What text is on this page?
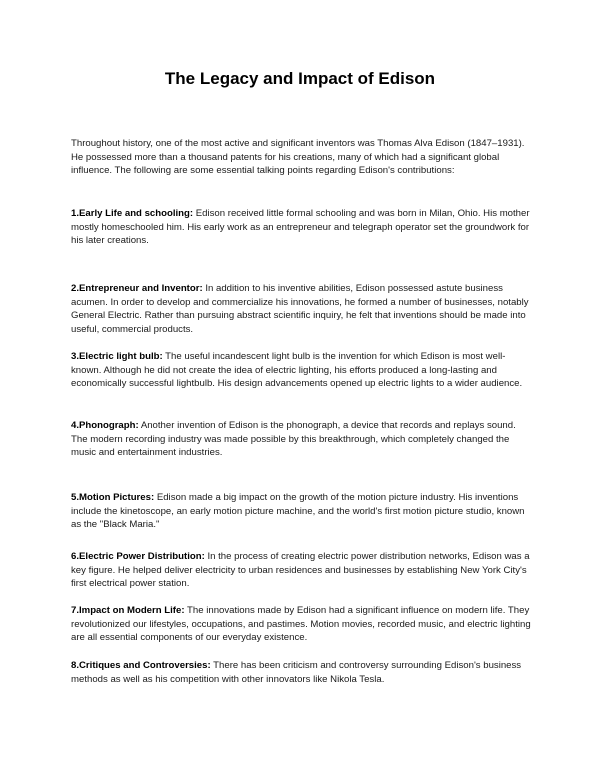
The Legacy and Impact of Edison

Throughout history, one of the most active and significant inventors was Thomas Alva Edison (1847–1931). He possessed more than a thousand patents for his creations, many of which had a significant global influence. The following are some essential talking points regarding Edison's contributions:

1.Early Life and schooling: Edison received little formal schooling and was born in Milan, Ohio. His mother mostly homeschooled him. His early work as an entrepreneur and telegraph operator set the groundwork for his later creations.

2.Entrepreneur and Inventor: In addition to his inventive abilities, Edison possessed astute business acumen. In order to develop and commercialize his innovations, he formed a number of businesses, notably General Electric. Rather than pursuing abstract scientific inquiry, he felt that inventions should be made into useful, commercial products.

3.Electric light bulb: The useful incandescent light bulb is the invention for which Edison is most well-known. Although he did not create the idea of electric lighting, his efforts produced a long-lasting and economically successful lightbulb. His design advancements opened up electric lights to a wider audience.

4.Phonograph: Another invention of Edison is the phonograph, a device that records and replays sound. The modern recording industry was made possible by this breakthrough, which completely changed the music and entertainment industries.

5.Motion Pictures: Edison made a big impact on the growth of the motion picture industry. His inventions include the kinetoscope, an early motion picture machine, and the world's first motion picture studio, known as the "Black Maria."

6.Electric Power Distribution: In the process of creating electric power distribution networks, Edison was a key figure. He helped deliver electricity to urban residences and businesses by establishing New York City's first electrical power station.

7.Impact on Modern Life: The innovations made by Edison had a significant influence on modern life. They revolutionized our lifestyles, occupations, and pastimes. Motion movies, recorded music, and electric lighting are all essential components of our everyday existence.

8.Critiques and Controversies: There has been criticism and controversy surrounding Edison's business methods as well as his competition with other innovators like Nikola Tesla.
